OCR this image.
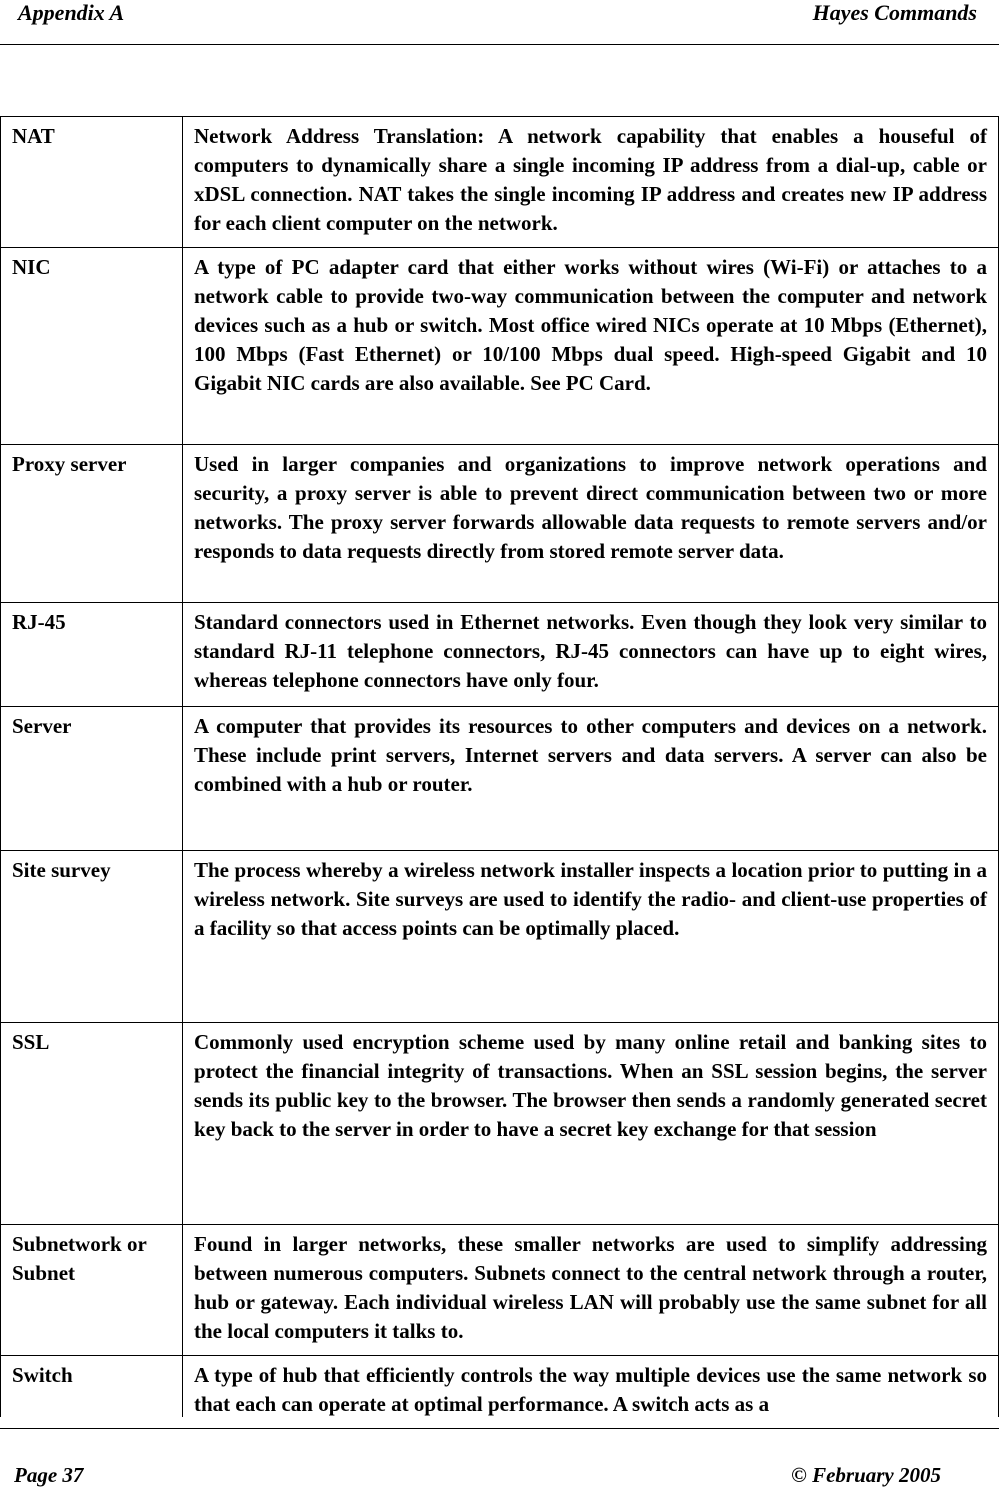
Appendix A	Hayes Commands
NAT	Network Address Translation: A network capability that enables a houseful of computers to dynamically share a single incoming IP address from a dial-up, cable or xDSL connection. NAT takes the single incoming IP address and creates new IP address for each client computer on the network.
NIC	A type of PC adapter card that either works without wires (Wi-Fi) or attaches to a network cable to provide two-way communication between the computer and network devices such as a hub or switch. Most office wired NICs operate at 10 Mbps (Ethernet), 100 Mbps (Fast Ethernet) or 10/100 Mbps dual speed. High-speed Gigabit and 10 Gigabit NIC cards are also available. See PC Card.
Proxy server	Used in larger companies and organizations to improve network operations and security, a proxy server is able to prevent direct communication between two or more networks. The proxy server forwards allowable data requests to remote servers and/or responds to data requests directly from stored remote server data.
RJ-45	Standard connectors used in Ethernet networks. Even though they look very similar to standard RJ-11 telephone connectors, RJ-45 connectors can have up to eight wires, whereas telephone connectors have only four.
Server	A computer that provides its resources to other computers and devices on a network. These include print servers, Internet servers and data servers. A server can also be combined with a hub or router.
Site survey	The process whereby a wireless network installer inspects a location prior to putting in a wireless network. Site surveys are used to identify the radio- and client-use properties of a facility so that access points can be optimally placed.
SSL	Commonly used encryption scheme used by many online retail and banking sites to protect the financial integrity of transactions. When an SSL session begins, the server sends its public key to the browser. The browser then sends a randomly generated secret key back to the server in order to have a secret key exchange for that session
Subnetwork or Subnet	Found in larger networks, these smaller networks are used to simplify addressing between numerous computers. Subnets connect to the central network through a router, hub or gateway. Each individual wireless LAN will probably use the same subnet for all the local computers it talks to.
Switch	A type of hub that efficiently controls the way multiple devices use the same network so that each can operate at optimal performance. A switch acts as a
Page 37	© February 2005
